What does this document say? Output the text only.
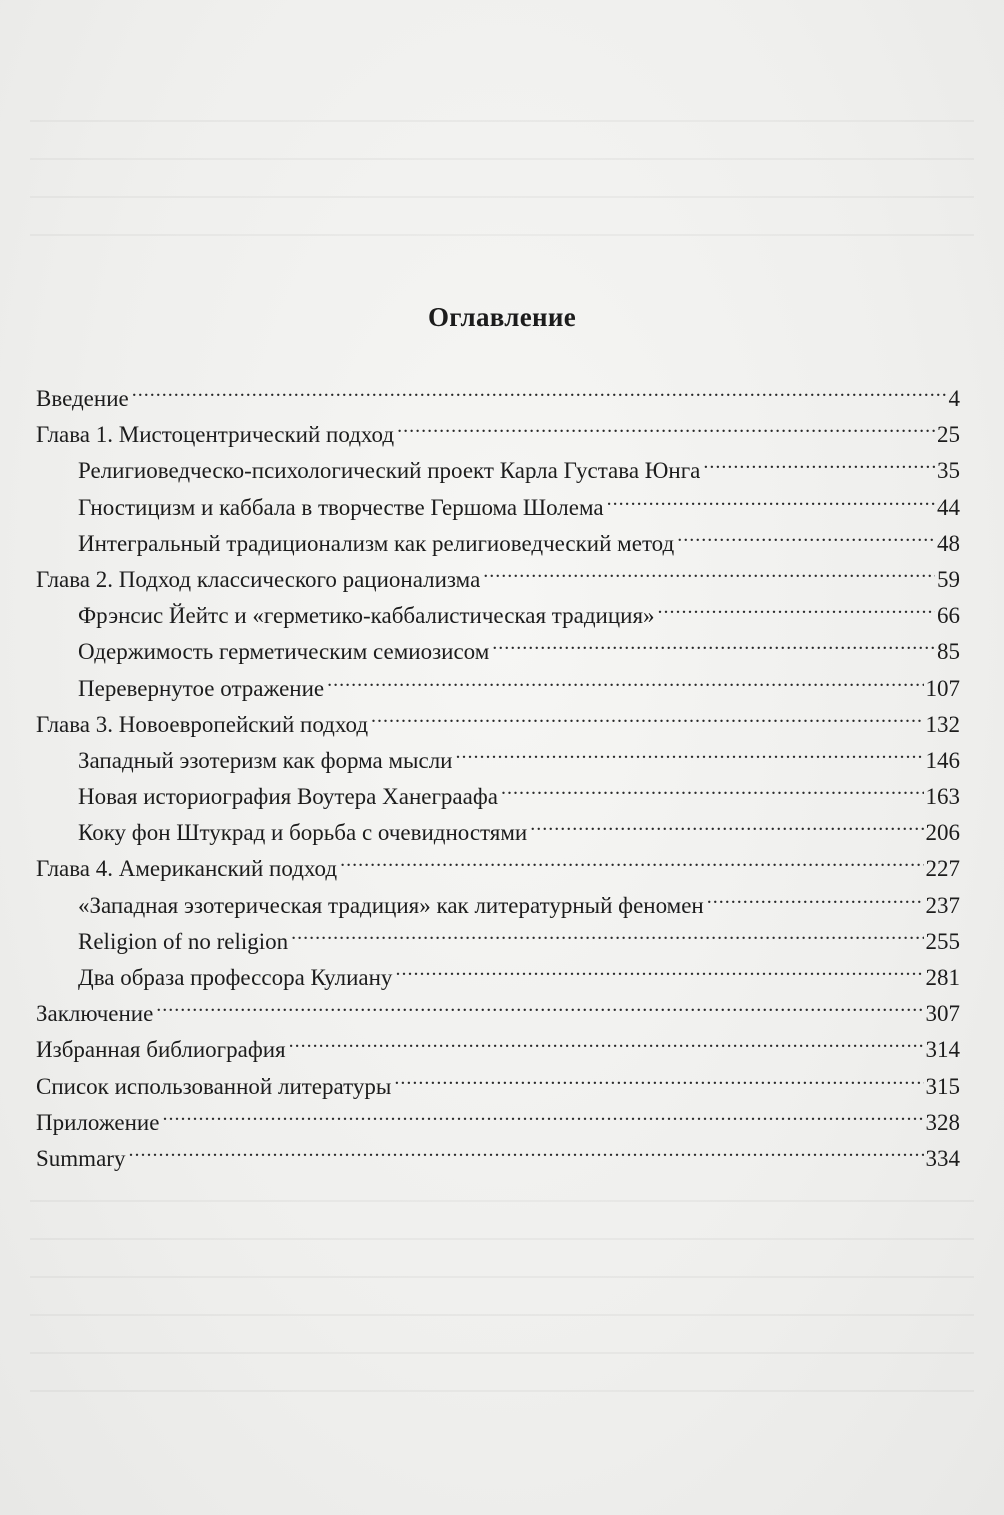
Оглавление
Введение .....	4
Глава 1. Мистоцентрический подход .....	25
Религиоведческо-психологический проект Карла Густава Юнга .....	35
Гностицизм и каббала в творчестве Гершома Шолема .....	44
Интегральный традиционализм как религиоведческий метод .....	48
Глава 2. Подход классического рационализма .....	59
Фрэнсис Йейтс и «герметико-каббалистическая традиция» .....	66
Одержимость герметическим семиозисом .....	85
Перевернутое отражение .....	107
Глава 3. Новоевропейский подход .....	132
Западный эзотеризм как форма мысли .....	146
Новая историография Воутера Ханеграафа .....	163
Коку фон Штукрад и борьба с очевидностями .....	206
Глава 4. Американский подход .....	227
«Западная эзотерическая традиция» как литературный феномен .....	237
Religion of no religion .....	255
Два образа профессора Кулиану .....	281
Заключение .....	307
Избранная библиография .....	314
Список использованной литературы .....	315
Приложение .....	328
Summary .....	334
